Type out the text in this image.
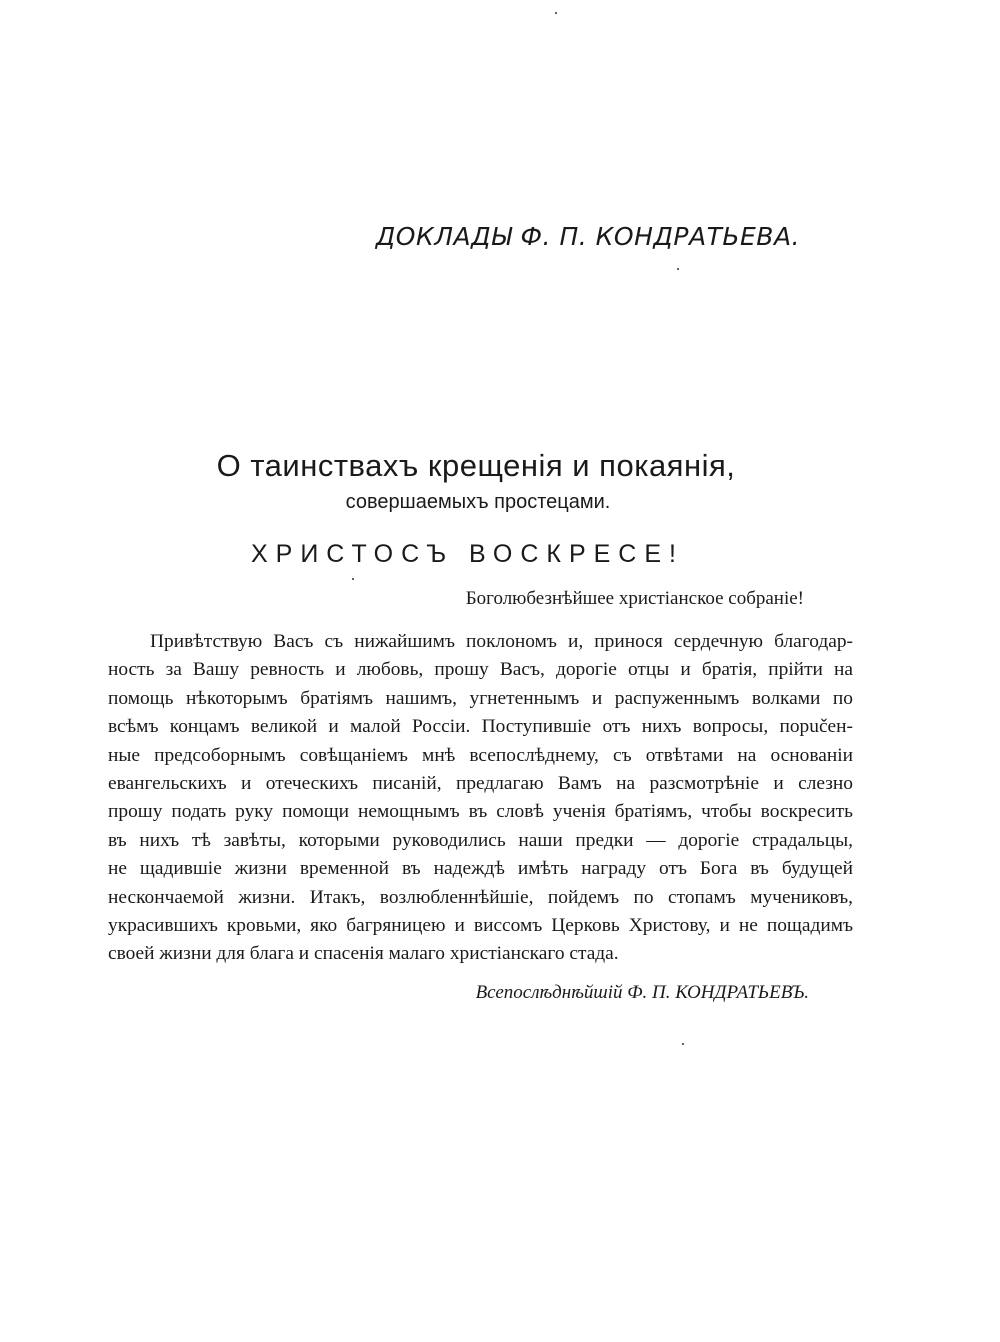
ДОКЛАДЫ Ф. П. КОНДРАТЬЕВА.
О таинствахъ крещенія и покаянія,
совершаемыхъ простецами.
ХРИСТОСЪ ВОСКРЕСЕ!
Боголюбезнѣйшее христіанское собраніе!
Привѣтствую Васъ съ нижайшимъ поклономъ и, принося сердечную благодар-
ность за Вашу ревность и любовь, прошу Васъ, дорогіе отцы и братія, прійти на
помощь нѣкоторымъ братіямъ нашимъ, угнетеннымъ и распуженнымъ волками по
всѣмъ концамъ великой и малой Россіи. Поступившіе отъ нихъ вопросы, порučен-
ные предсоборнымъ совѣщаніемъ мнѣ всепослѣднему, съ отвѣтами на основаніи
евангельскихъ и отеческихъ писаній, предлагаю Вамъ на разсмотрѣніе и слезно
прошу подать руку помощи немощнымъ въ словѣ ученія братіямъ, чтобы воскресить
въ нихъ тѣ завѣты, которыми руководились наши предки — дорогіе страдальцы,
не щадившіе жизни временной въ надеждѣ имѣть награду отъ Бога въ будущей
нескончаемой жизни. Итакъ, возлюбленнѣйшіе, пойдемъ по стопамъ мучениковъ,
украсившихъ кровьми, яко багряницею и виссомъ Церковь Христову, и не пощадимъ
своей жизни для блага и спасенія малаго христіанскаго стада.
Всепослѣднѣйшій Ф. П. КОНДРАТЬЕВЪ.
